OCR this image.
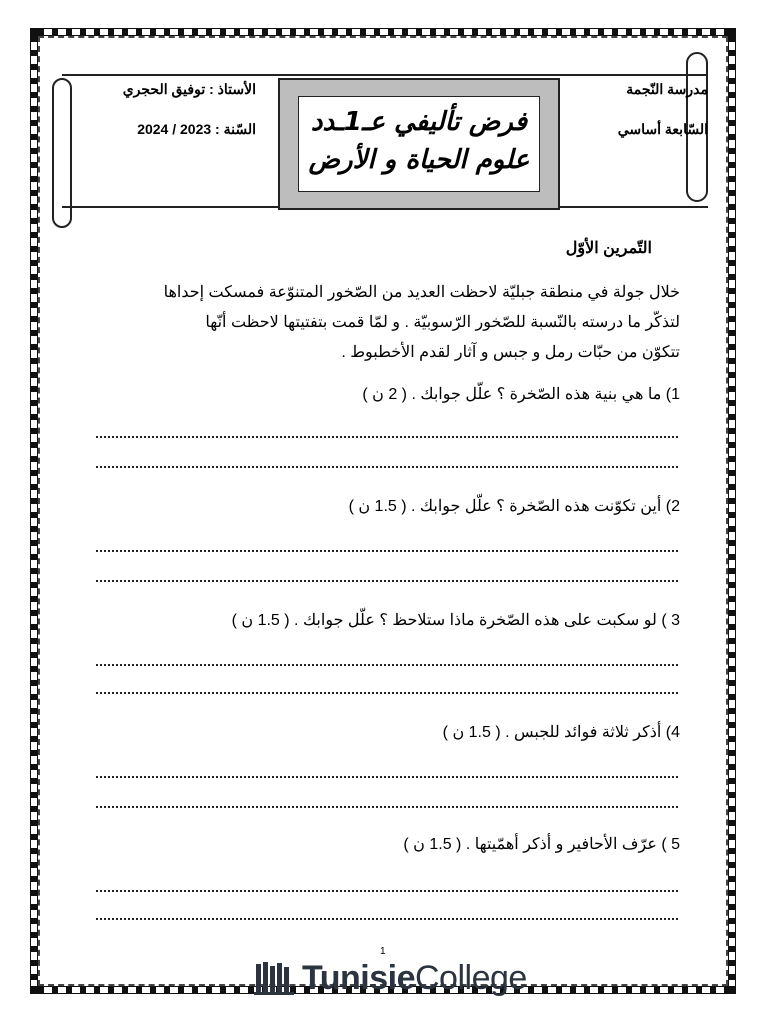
مدرسة النّجمة
السّابعة أساسي
الأستاذ : توفيق الحجري
السّنة : 2023 / 2024	فرض تأليفي عـ1ـدد
علوم الحياة و الأرض
التّمرين الأوّل
خلال جولة في منطقة جبليّة لاحظت العديد من الصّخور المتنوّعة فمسكت إحداها
لتذكّر ما درسته بالنّسبة للصّخور الرّسوبيّة . و لمّا قمت بتفتيتها لاحظت أنّها
تتكوّن من حبّات رمل و جبس و آثار لقدم الأخطبوط .
1) ما هي بنية هذه الصّخرة ؟ علّل جوابك . ( 2 ن )
2) أين تكوّنت هذه الصّخرة ؟ علّل جوابك . ( 1.5 ن )
3 ) لو سكبت على هذه الصّخرة ماذا ستلاحظ ؟ علّل جوابك . ( 1.5 ن )
4) أذكر ثلاثة فوائد للجبس . ( 1.5 ن )
5 ) عرّف الأحافير و أذكر أهمّيتها . ( 1.5 ن )
1
TunisieCollege
